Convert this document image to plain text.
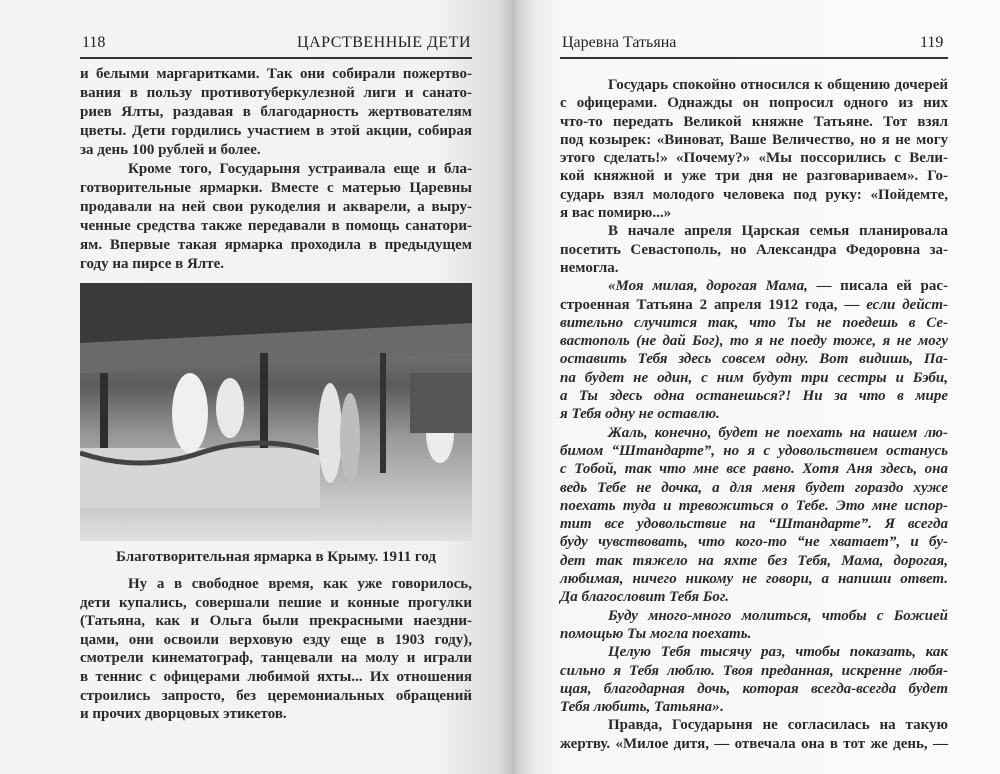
118	ЦАРСТВЕННЫЕ ДЕТИ
и белыми маргаритками. Так они собирали пожертво-
вания в пользу противотуберкулезной лиги и санато-
риев Ялты, раздавая в благодарность жертвователям
цветы. Дети гордились участием в этой акции, собирая
за день 100 рублей и более.
Кроме того, Государыня устраивала еще и бла-
готворительные ярмарки. Вместе с матерью Царевны
продавали на ней свои рукоделия и акварели, а выру-
ченные средства также передавали в помощь санатори-
ям. Впервые такая ярмарка проходила в предыдущем
году на пирсе в Ялте.
Благотворительная ярмарка в Крыму. 1911 год
Ну а в свободное время, как уже говорилось,
дети купались, совершали пешие и конные прогулки
(Татьяна, как и Ольга были прекрасными наездни-
цами, они освоили верховую езду еще в 1903 году),
смотрели кинематограф, танцевали на молу и играли
в теннис с офицерами любимой яхты... Их отношения
строились запросто, без церемониальных обращений
и прочих дворцовых этикетов.
Царевна Татьяна	119
Государь спокойно относился к общению дочерей
с офицерами. Однажды он попросил одного из них
что-то передать Великой княжне Татьяне. Тот взял
под козырек: «Виноват, Ваше Величество, но я не могу
этого сделать!» «Почему?» «Мы поссорились с Вели-
кой княжной и уже три дня не разговариваем». Го-
сударь взял молодого человека под руку: «Пойдемте,
я вас помирю...»
В начале апреля Царская семья планировала
посетить Севастополь, но Александра Федоровна за-
немогла.
«Моя милая, дорогая Мама, — писала ей рас-
строенная Татьяна 2 апреля 1912 года, — если дейст-
вительно случится так, что Ты не поедешь в Се-
вастополь (не дай Бог), то я не поеду тоже, я не могу
оставить Тебя здесь совсем одну. Вот видишь, Па-
па будет не один, с ним будут три сестры и Бэби,
а Ты здесь одна останешься?! Ни за что в мире
я Тебя одну не оставлю.
Жаль, конечно, будет не поехать на нашем лю-
бимом “Штандарте”, но я с удовольствием останусь
с Тобой, так что мне все равно. Хотя Аня здесь, она
ведь Тебе не дочка, а для меня будет гораздо хуже
поехать туда и тревожиться о Тебе. Это мне испор-
тит все удовольствие на “Штандарте”. Я всегда
буду чувствовать, что кого-то “не хватает”, и бу-
дет так тяжело на яхте без Тебя, Мама, дорогая,
любимая, ничего никому не говори, а напиши ответ.
Да благословит Тебя Бог.
Буду много-много молиться, чтобы с Божией
помощью Ты могла поехать.
Целую Тебя тысячу раз, чтобы показать, как
сильно я Тебя люблю. Твоя преданная, искренне любя-
щая, благодарная дочь, которая всегда-всегда будет
Тебя любить, Татьяна».
Правда, Государыня не согласилась на такую
жертву. «Милое дитя, — отвечала она в тот же день, —
